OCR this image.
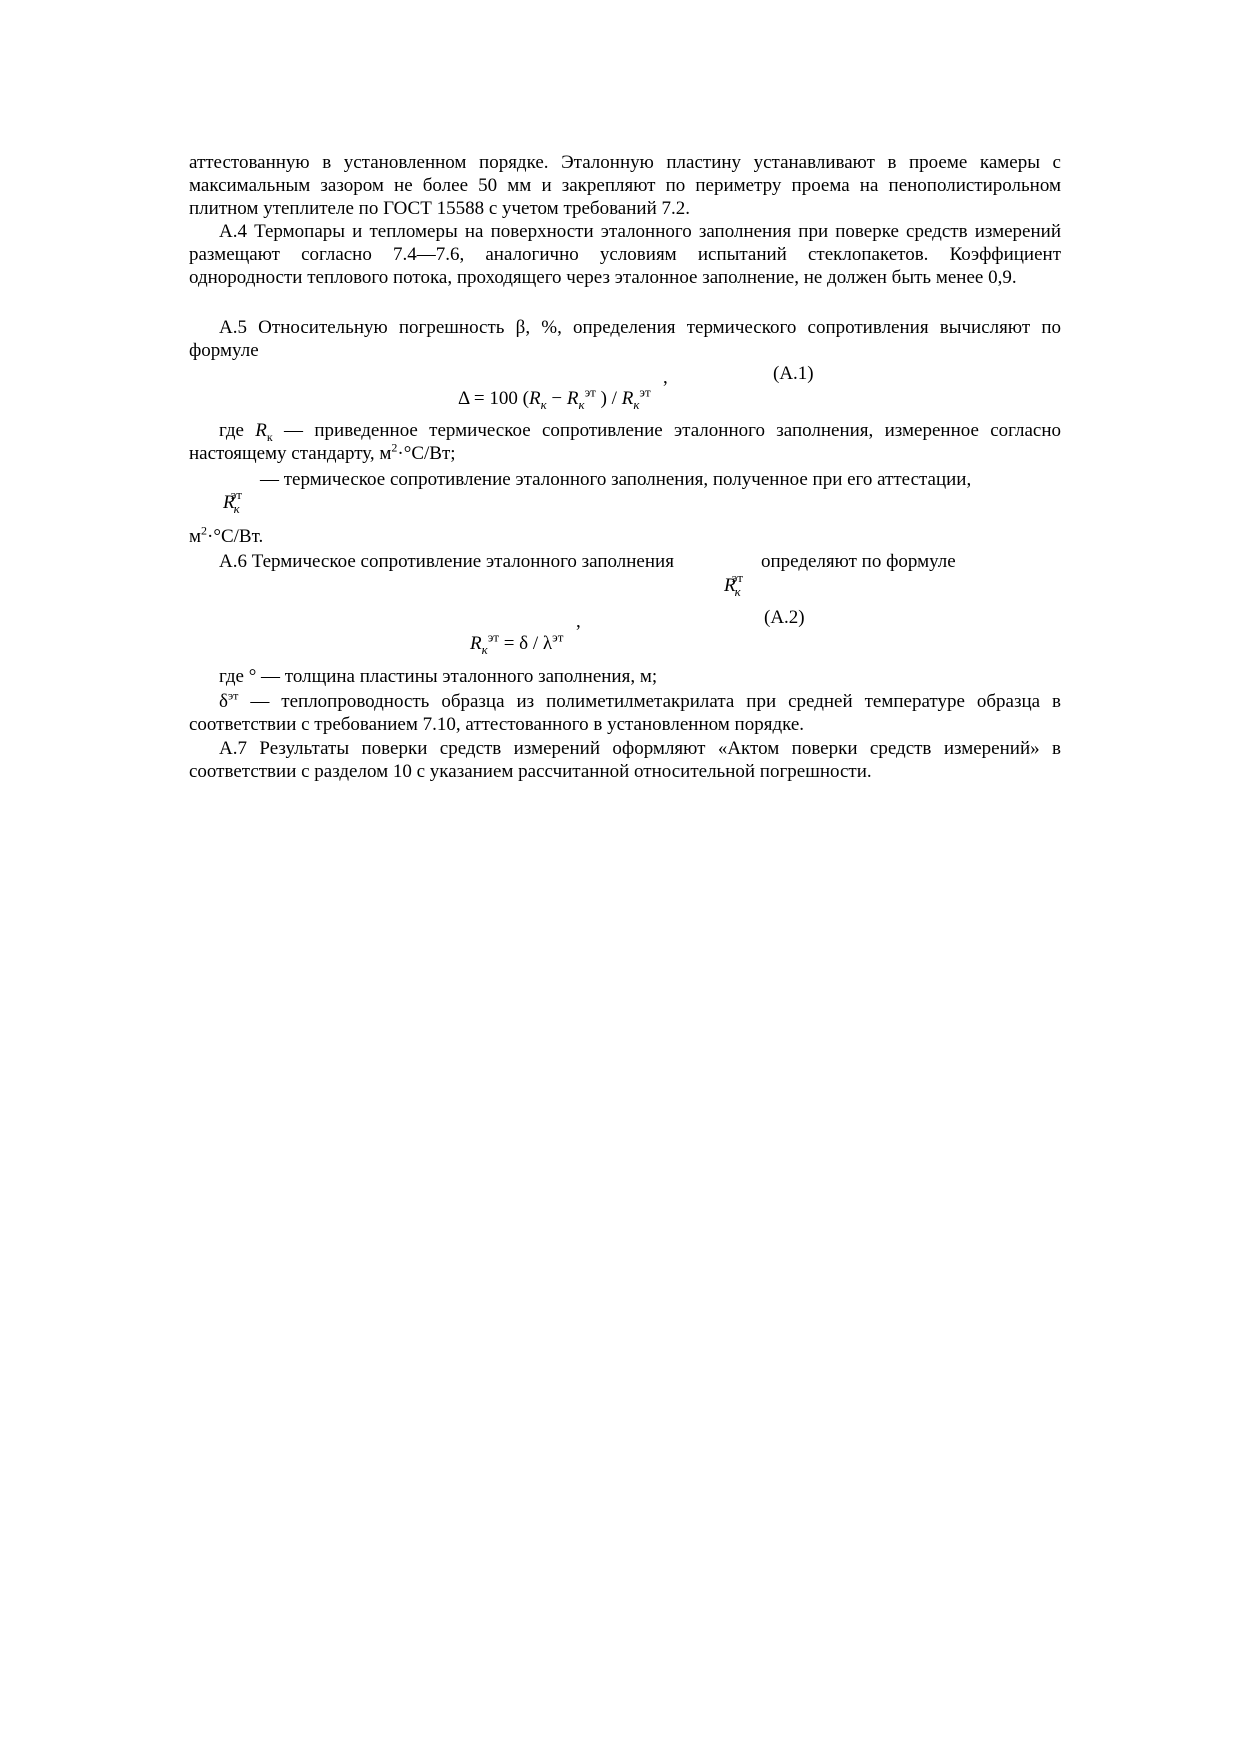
аттестованную в установленном порядке. Эталонную пластину устанавливают в проеме камеры с максимальным зазором не более 50 мм и закрепляют по периметру проема на пенополистирольном плитном утеплителе по ГОСТ 15588 с учетом требований 7.2.

А.4 Термопары и тепломеры на поверхности эталонного заполнения при поверке средств измерений размещают согласно 7.4—7.6, аналогично условиям испытаний стеклопакетов. Коэффициент однородности теплового потока, проходящего через эталонное заполнение, не должен быть менее 0,9.

А.5 Относительную погрешность β, %, определения термического сопротивления вычисляют по формуле

,	(А.1)
Δ = 100 ($R_к - R_к^{эт}$ ) / $R_к^{эт}$

где $R_к$ — приведенное термическое сопротивление эталонного заполнения, измеренное согласно настоящему стандарту, $м^2\cdot^\circ С/Вт$;

$R_к^{эт}$

— термическое сопротивление эталонного заполнения, полученное при его аттестации,

$м^2\cdot^\circ С/Вт$.
А.6 Термическое сопротивление эталонного заполнения	определяют по формуле
$R_к^{эт}$
,	(А.2)
$R_к^{эт} = \delta / \lambda^{эт}$

где ° — толщина пластины эталонного заполнения, м;

$\delta^{эт}$ — теплопроводность образца из полиметилметакрилата при средней температуре образца в соответствии с требованием 7.10, аттестованного в установленном порядке.

А.7 Результаты поверки средств измерений оформляют «Актом поверки средств измерений» в соответствии с разделом 10 с указанием рассчитанной относительной погрешности.
